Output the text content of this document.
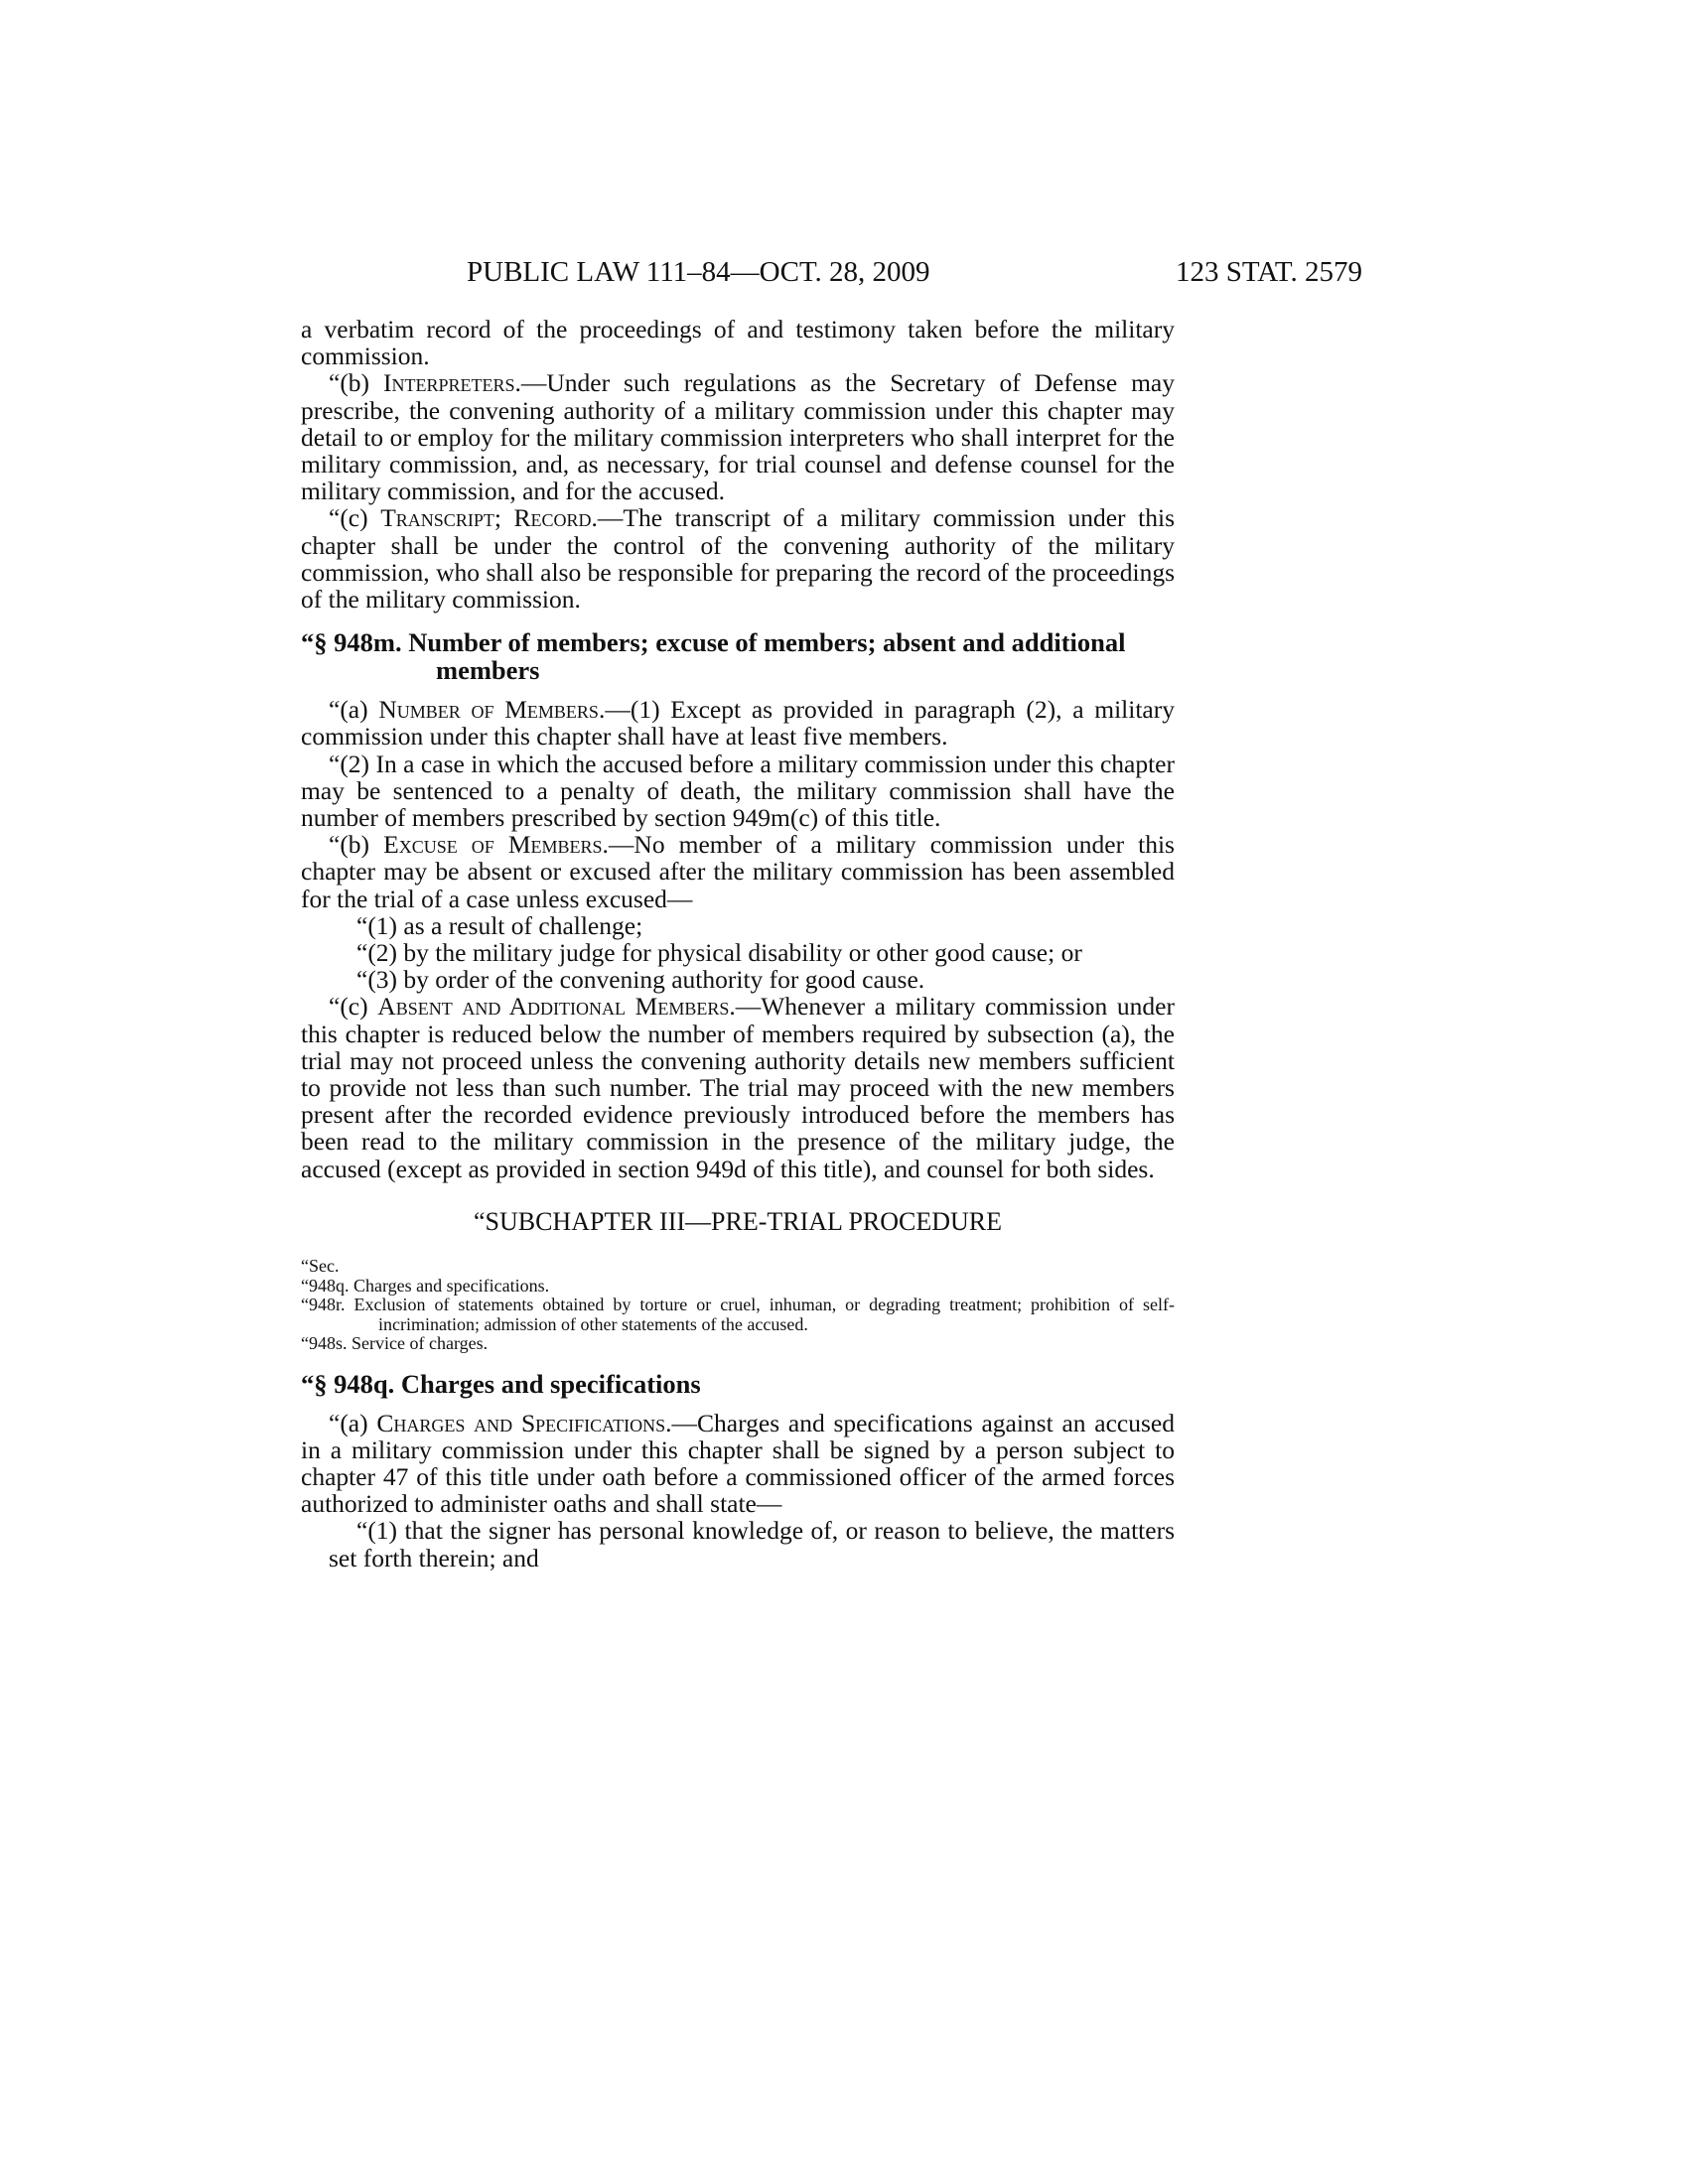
PUBLIC LAW 111–84—OCT. 28, 2009	123 STAT. 2579

a verbatim record of the proceedings of and testimony taken before the military commission.

“(b) Interpreters.—Under such regulations as the Secretary of Defense may prescribe, the convening authority of a military commission under this chapter may detail to or employ for the military commission interpreters who shall interpret for the military commission, and, as necessary, for trial counsel and defense counsel for the military commission, and for the accused.

“(c) Transcript; Record.—The transcript of a military commission under this chapter shall be under the control of the convening authority of the military commission, who shall also be responsible for preparing the record of the proceedings of the military commission.

“§ 948m. Number of members; excuse of members; absent and additional members

“(a) Number of Members.—(1) Except as provided in paragraph (2), a military commission under this chapter shall have at least five members.

“(2) In a case in which the accused before a military commission under this chapter may be sentenced to a penalty of death, the military commission shall have the number of members prescribed by section 949m(c) of this title.

“(b) Excuse of Members.—No member of a military commission under this chapter may be absent or excused after the military commission has been assembled for the trial of a case unless excused—

“(1) as a result of challenge;

“(2) by the military judge for physical disability or other good cause; or

“(3) by order of the convening authority for good cause.

“(c) Absent and Additional Members.—Whenever a military commission under this chapter is reduced below the number of members required by subsection (a), the trial may not proceed unless the convening authority details new members sufficient to provide not less than such number. The trial may proceed with the new members present after the recorded evidence previously introduced before the members has been read to the military commission in the presence of the military judge, the accused (except as provided in section 949d of this title), and counsel for both sides.

“SUBCHAPTER III—PRE-TRIAL PROCEDURE

“Sec.

“948q. Charges and specifications.

“948r. Exclusion of statements obtained by torture or cruel, inhuman, or degrading treatment; prohibition of self-incrimination; admission of other statements of the accused.

“948s. Service of charges.

“§ 948q. Charges and specifications

“(a) Charges and Specifications.—Charges and specifications against an accused in a military commission under this chapter shall be signed by a person subject to chapter 47 of this title under oath before a commissioned officer of the armed forces authorized to administer oaths and shall state—

“(1) that the signer has personal knowledge of, or reason to believe, the matters set forth therein; and
